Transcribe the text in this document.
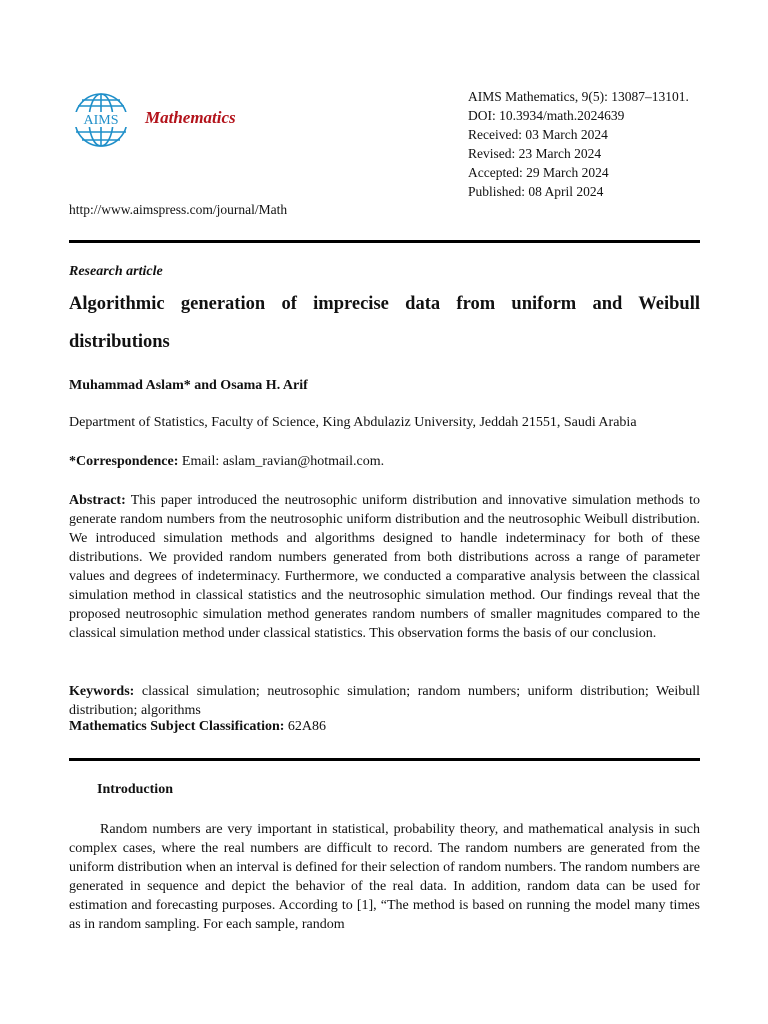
AIMS Mathematics
AIMS Mathematics, 9(5): 13087–13101.
DOI: 10.3934/math.2024639
Received: 03 March 2024
Revised: 23 March 2024
Accepted: 29 March 2024
Published: 08 April 2024
http://www.aimspress.com/journal/Math
Research article
Algorithmic generation of imprecise data from uniform and Weibull distributions
Muhammad Aslam* and Osama H. Arif
Department of Statistics, Faculty of Science, King Abdulaziz University, Jeddah 21551, Saudi Arabia
*Correspondence: Email: aslam_ravian@hotmail.com.
Abstract: This paper introduced the neutrosophic uniform distribution and innovative simulation methods to generate random numbers from the neutrosophic uniform distribution and the neutrosophic Weibull distribution. We introduced simulation methods and algorithms designed to handle indeterminacy for both of these distributions. We provided random numbers generated from both distributions across a range of parameter values and degrees of indeterminacy. Furthermore, we conducted a comparative analysis between the classical simulation method in classical statistics and the neutrosophic simulation method. Our findings reveal that the proposed neutrosophic simulation method generates random numbers of smaller magnitudes compared to the classical simulation method under classical statistics. This observation forms the basis of our conclusion.
Keywords: classical simulation; neutrosophic simulation; random numbers; uniform distribution; Weibull distribution; algorithms
Mathematics Subject Classification: 62A86
Introduction
Random numbers are very important in statistical, probability theory, and mathematical analysis in such complex cases, where the real numbers are difficult to record. The random numbers are generated from the uniform distribution when an interval is defined for their selection of random numbers. The random numbers are generated in sequence and depict the behavior of the real data. In addition, random data can be used for estimation and forecasting purposes. According to [1], “The method is based on running the model many times as in random sampling. For each sample, random
